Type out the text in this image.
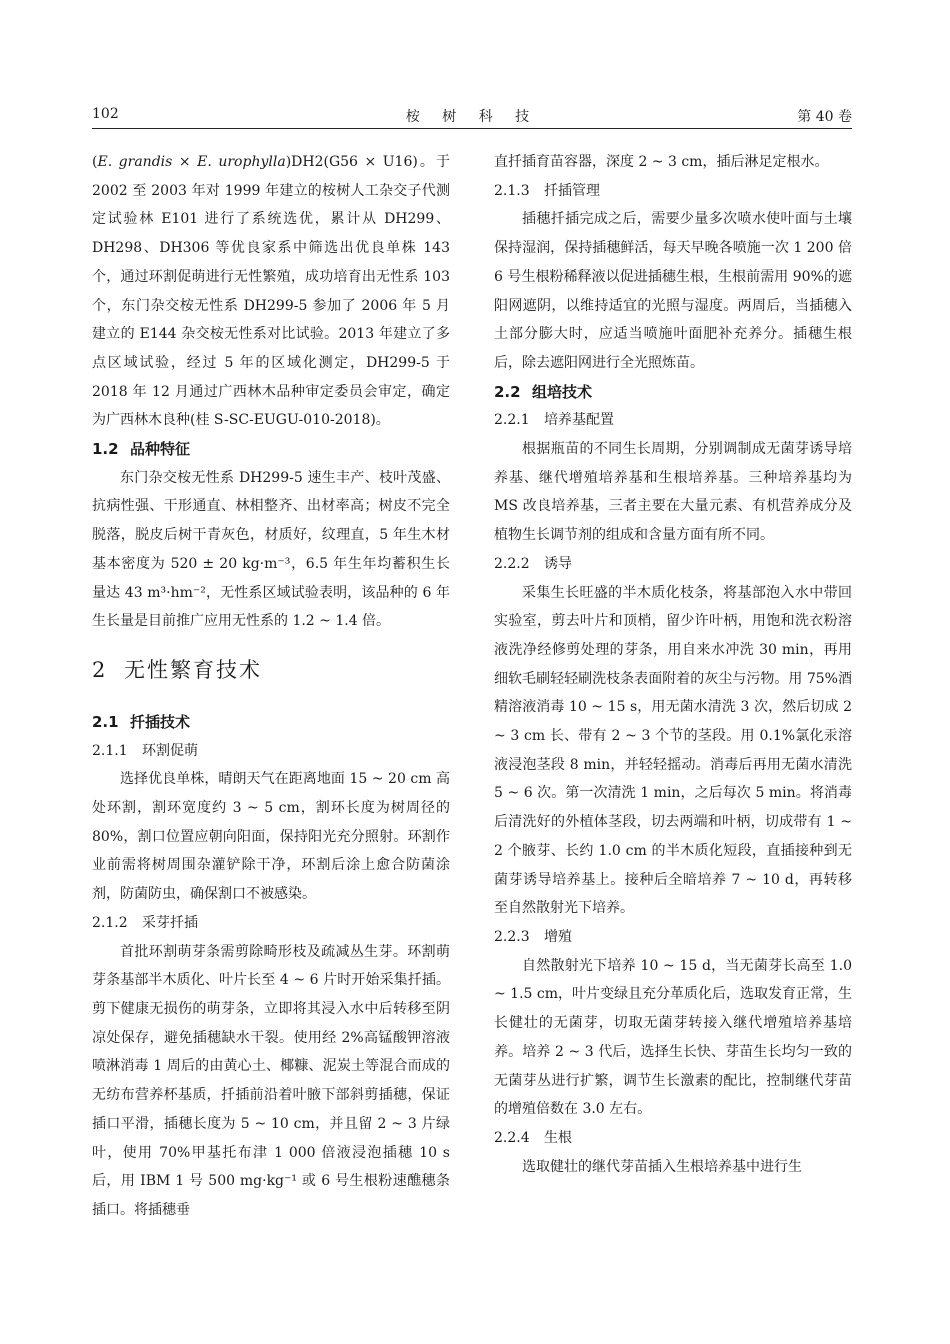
102	桉 树 科 技	第 40 卷

(E. grandis × E. urophylla)DH2(G56 × U16)。于 2002 至 2003 年对 1999 年建立的桉树人工杂交子代测定试验林 E101 进行了系统选优，累计从 DH299、DH298、DH306 等优良家系中筛选出优良单株 143 个，通过环割促萌进行无性繁殖，成功培育出无性系 103 个，东门杂交桉无性系 DH299-5 参加了 2006 年 5 月建立的 E144 杂交桉无性系对比试验。2013 年建立了多点区域试验，经过 5 年的区域化测定，DH299-5 于 2018 年 12 月通过广西林木品种审定委员会审定，确定为广西林木良种(桂 S-SC-EUGU-010-2018)。

1.2 品种特征

东门杂交桉无性系 DH299-5 速生丰产、枝叶茂盛、抗病性强、干形通直、林相整齐、出材率高；树皮不完全脱落，脱皮后树干青灰色，材质好，纹理直，5 年生木材基本密度为 520 ± 20 kg·m⁻³，6.5 年生年均蓄积生长量达 43 m³·hm⁻²，无性系区域试验表明，该品种的 6 年生长量是目前推广应用无性系的 1.2 ~ 1.4 倍。

2 无性繁育技术
2.1 扦插技术
2.1.1 环割促萌

选择优良单株，晴朗天气在距离地面 15 ~ 20 cm 高处环割，割环宽度约 3 ~ 5 cm，割环长度为树周径的 80%，割口位置应朝向阳面，保持阳光充分照射。环割作业前需将树周围杂灌铲除干净，环割后涂上愈合防菌涂剂，防菌防虫，确保割口不被感染。

2.1.2 采芽扦插

首批环割萌芽条需剪除畸形枝及疏减丛生芽。环割萌芽条基部半木质化、叶片长至 4 ~ 6 片时开始采集扦插。剪下健康无损伤的萌芽条，立即将其浸入水中后转移至阴凉处保存，避免插穗缺水干裂。使用经 2%高锰酸钾溶液喷淋消毒 1 周后的由黄心土、椰糠、泥炭土等混合而成的无纺布营养杯基质，扦插前沿着叶腋下部斜剪插穗，保证插口平滑，插穗长度为 5 ~ 10 cm，并且留 2 ~ 3 片绿叶，使用 70%甲基托布津 1 000 倍液浸泡插穗 10 s 后，用 IBM 1 号 500 mg·kg⁻¹ 或 6 号生根粉速醮穗条插口。将插穗垂

直扦插育苗容器，深度 2 ~ 3 cm，插后淋足定根水。

2.1.3 扦插管理

插穗扦插完成之后，需要少量多次喷水使叶面与土壤保持湿润，保持插穗鲜活，每天早晚各喷施一次 1 200 倍 6 号生根粉稀释液以促进插穗生根，生根前需用 90%的遮阳网遮阴，以维持适宜的光照与湿度。两周后，当插穗入土部分膨大时，应适当喷施叶面肥补充养分。插穗生根后，除去遮阳网进行全光照炼苗。

2.2 组培技术
2.2.1 培养基配置

根据瓶苗的不同生长周期，分别调制成无菌芽诱导培养基、继代增殖培养基和生根培养基。三种培养基均为 MS 改良培养基，三者主要在大量元素、有机营养成分及植物生长调节剂的组成和含量方面有所不同。

2.2.2 诱导

采集生长旺盛的半木质化枝条，将基部泡入水中带回实验室，剪去叶片和顶梢，留少许叶柄，用饱和洗衣粉溶液洗净经修剪处理的芽条，用自来水冲洗 30 min，再用细软毛刷轻轻刷洗枝条表面附着的灰尘与污物。用 75%酒精溶液消毒 10 ~ 15 s，用无菌水清洗 3 次，然后切成 2 ~ 3 cm 长、带有 2 ~ 3 个节的茎段。用 0.1%氯化汞溶液浸泡茎段 8 min，并轻轻摇动。消毒后再用无菌水清洗 5 ~ 6 次。第一次清洗 1 min，之后每次 5 min。将消毒后清洗好的外植体茎段，切去两端和叶柄，切成带有 1 ~ 2 个腋芽、长约 1.0 cm 的半木质化短段，直插接种到无菌芽诱导培养基上。接种后全暗培养 7 ~ 10 d，再转移至自然散射光下培养。

2.2.3 增殖

自然散射光下培养 10 ~ 15 d，当无菌芽长高至 1.0 ~ 1.5 cm，叶片变绿且充分革质化后，选取发育正常，生长健壮的无菌芽，切取无菌芽转接入继代增殖培养基培养。培养 2 ~ 3 代后，选择生长快、芽苗生长均匀一致的无菌芽丛进行扩繁，调节生长激素的配比，控制继代芽苗的增殖倍数在 3.0 左右。

2.2.4 生根

选取健壮的继代芽苗插入生根培养基中进行生
